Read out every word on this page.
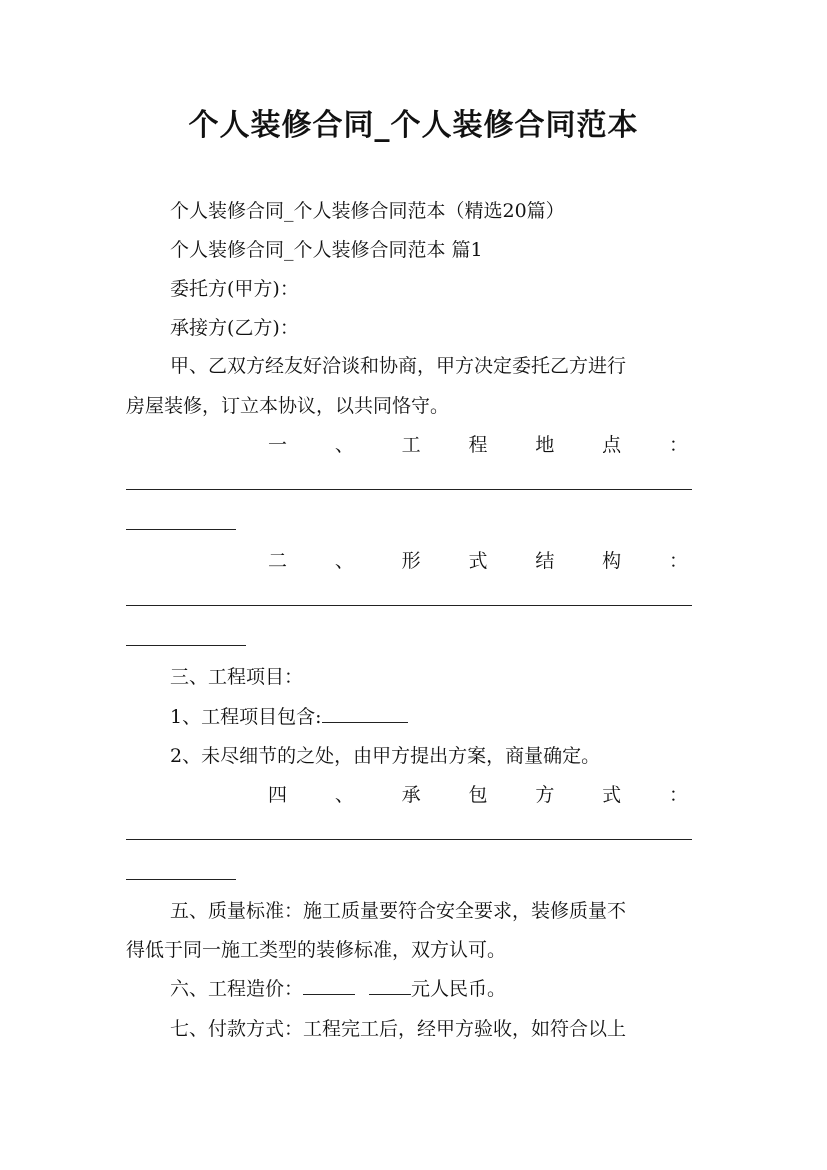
个人装修合同_个人装修合同范本
个人装修合同_个人装修合同范本（精选20篇）
个人装修合同_个人装修合同范本 篇1
委托方(甲方)：
承接方(乙方)：
甲、乙双方经友好洽谈和协商，甲方决定委托乙方进行
房屋装修，订立本协议，以共同恪守。
一	、	工	程	地	点	：
二	、	形	式	结	构	：
三、工程项目：
1、工程项目包含:
2、未尽细节的之处，由甲方提出方案，商量确定。
四	、	承	包	方	式	：
五、质量标准：施工质量要符合安全要求，装修质量不
得低于同一施工类型的装修标准，双方认可。
六、工程造价：	元人民币。
七、付款方式：工程完工后，经甲方验收，如符合以上
